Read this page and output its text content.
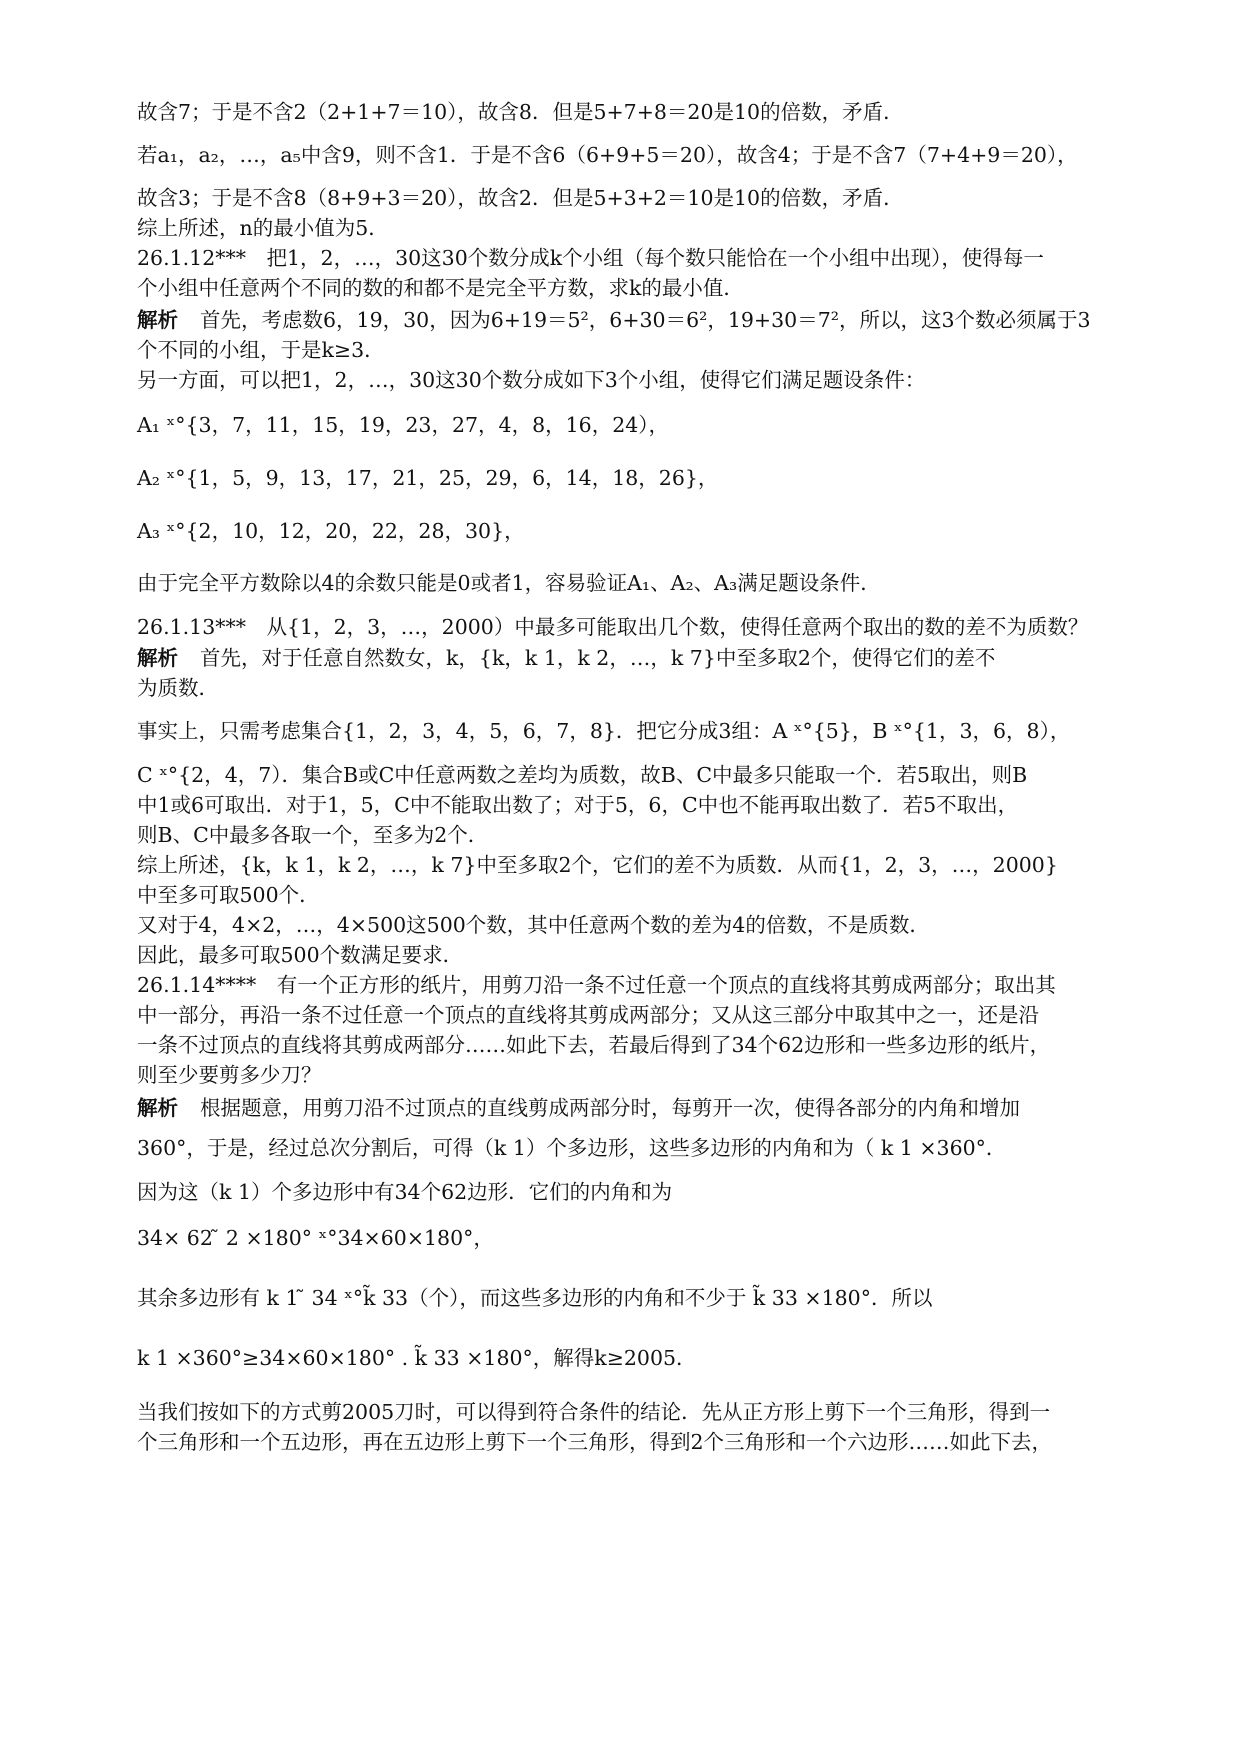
故含7；于是不含2（2+1+7＝10），故含8．但是5+7+8＝20是10的倍数，矛盾．
若a₁，a₂，…，a₅中含9，则不含1．于是不含6（6+9+5＝20），故含4；于是不含7（7+4+9＝20），
故含3；于是不含8（8+9+3＝20），故含2．但是5+3+2＝10是10的倍数，矛盾．
综上所述，n的最小值为5．
26.1.12***　把1，2，…，30这30个数分成k个小组（每个数只能恰在一个小组中出现），使得每一
个小组中任意两个不同的数的和都不是完全平方数，求k的最小值．
解析 首先，考虑数6，19，30，因为6+19＝5²，6+30＝6²，19+30＝7²，所以，这3个数必须属于3
个不同的小组，于是k≥3．
另一方面，可以把1，2，…，30这30个数分成如下3个小组，使得它们满足题设条件：
A₁ ˣ°{3，7，11，15，19，23，27，4，8，16，24），
A₂ ˣ°{1，5，9，13，17，21，25，29，6，14，18，26}，
A₃ ˣ°{2，10，12，20，22，28，30}，
由于完全平方数除以4的余数只能是0或者1，容易验证A₁、A₂、A₃满足题设条件．
26.1.13***　从{1，2，3，…，2000）中最多可能取出几个数，使得任意两个取出的数的差不为质数？
解析 首先，对于任意自然数女，k，{k，k 1，k 2，…，k 7}中至多取2个，使得它们的差不
为质数．
事实上，只需考虑集合{1，2，3，4，5，6，7，8}．把它分成3组：A ˣ°{5}，B ˣ°{1，3，6，8），
C ˣ°{2，4，7）．集合B或C中任意两数之差均为质数，故B、C中最多只能取一个．若5取出，则B
中1或6可取出．对于1，5，C中不能取出数了；对于5，6，C中也不能再取出数了．若5不取出，
则B、C中最多各取一个，至多为2个．
综上所述，{k，k 1，k 2，…，k 7}中至多取2个，它们的差不为质数．从而{1，2，3，…，2000}
中至多可取500个．
又对于4，4×2，…，4×500这500个数，其中任意两个数的差为4的倍数，不是质数．
因此，最多可取500个数满足要求．
26.1.14****　有一个正方形的纸片，用剪刀沿一条不过任意一个顶点的直线将其剪成两部分；取出其
中一部分，再沿一条不过任意一个顶点的直线将其剪成两部分；又从这三部分中取其中之一，还是沿
一条不过顶点的直线将其剪成两部分……如此下去，若最后得到了34个62边形和一些多边形的纸片，
则至少要剪多少刀？
解析 根据题意，用剪刀沿不过顶点的直线剪成两部分时，每剪开一次，使得各部分的内角和增加
360°，于是，经过总次分割后，可得（k 1）个多边形，这些多边形的内角和为（ k 1 ×360°．
因为这（k 1）个多边形中有34个62边形．它们的内角和为
34× 62 ̃ 2 ×180° ˣ°34×60×180°，
其余多边形有 k 1 ̃ 34 ˣ°k̃ 33（个），而这些多边形的内角和不少于 k̃ 33 ×180°．所以
k 1 ×360°≥34×60×180° . k̃ 33 ×180°，解得k≥2005．
当我们按如下的方式剪2005刀时，可以得到符合条件的结论．先从正方形上剪下一个三角形，得到一
个三角形和一个五边形，再在五边形上剪下一个三角形，得到2个三角形和一个六边形……如此下去，
